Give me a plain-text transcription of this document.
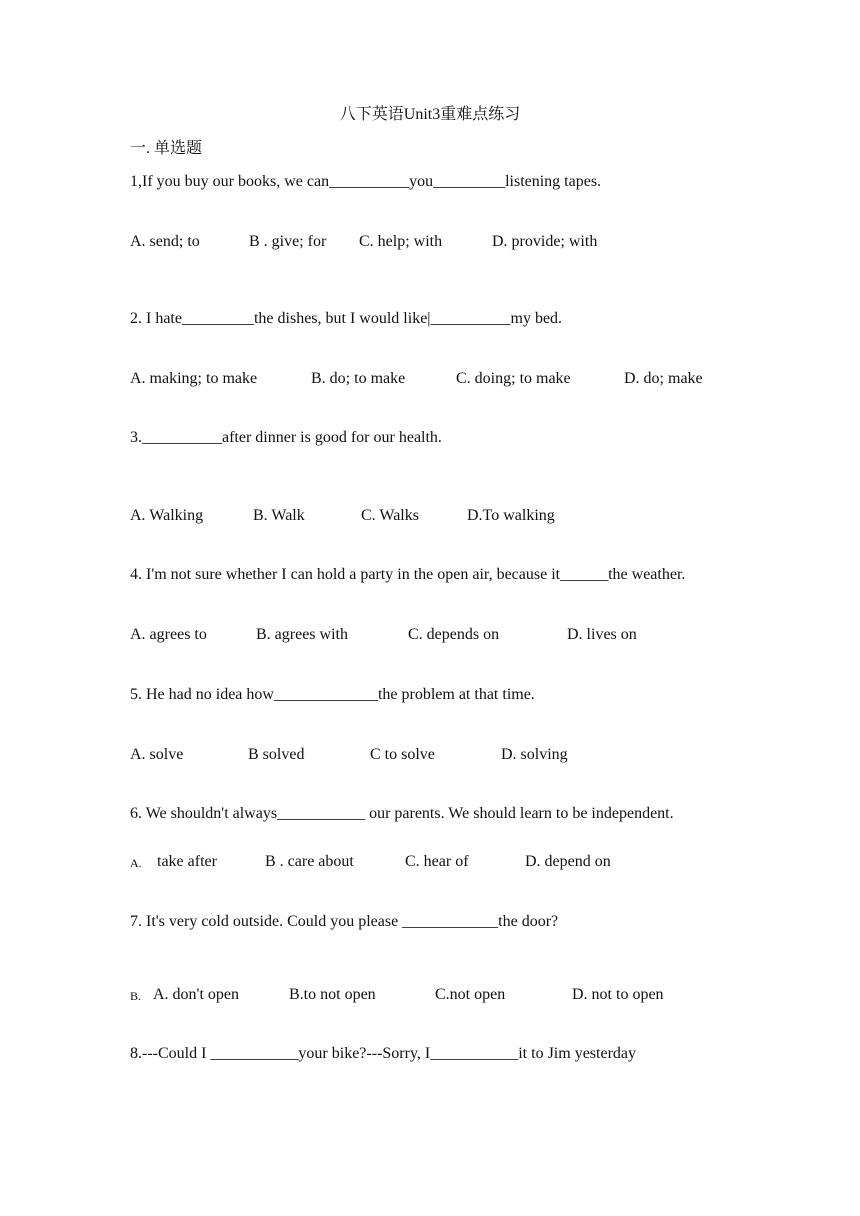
八下英语Unit3重难点练习
一. 单选题
1,If you buy our books, we can__________you_________listening tapes.
A. send; to	B . give; for C. help; with	D. provide; with
2. I hate_________the dishes, but I would like|__________my bed.
A. making; to make	B. do; to make	C. doing; to make	D. do; make
3.__________after dinner is good for our health.
A. Walking	B. Walk	C. Walks	D.To walking
4. I'm not sure whether I can hold a party in the open air, because it______the weather.
A. agrees to	B. agrees with	C. depends on	D. lives on
5. He had no idea how_____________the problem at that time.
A. solve	B solved	C to solve	D. solving
6. We shouldn't always___________ our parents. We should learn to be independent.
A. take after	B . care about	C. hear of	D. depend on
7. It's very cold outside. Could you please ____________the door?
B. A. don't open	B.to not open	C.not open	D. not to open
8.---Could I ___________your bike?---Sorry, I___________it to Jim yesterday
